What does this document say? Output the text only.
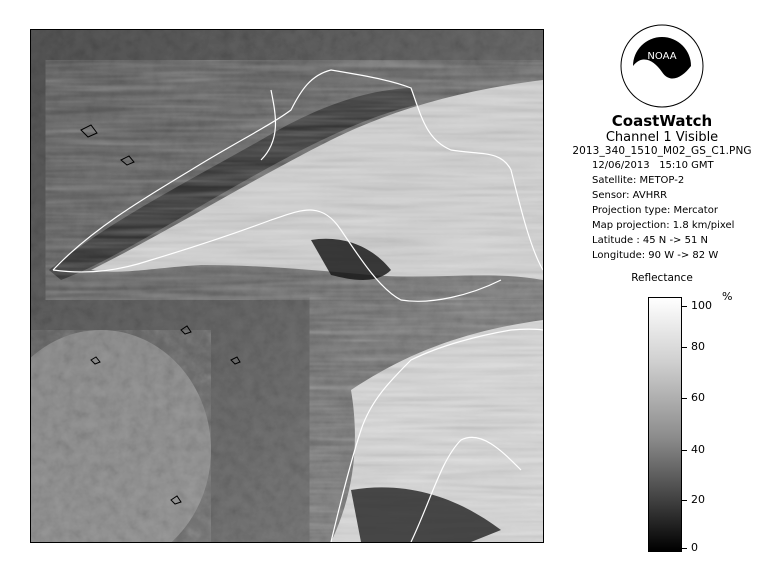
NOAA
CoastWatch
Channel 1 Visible
2013_340_1510_M02_GS_C1.PNG
12/06/2013 15:10 GMT
Satellite: METOP-2
Sensor: AVHRR
Projection type: Mercator
Map projection: 1.8 km/pixel
Latitude : 45 N -> 51 N
Longitude: 90 W -> 82 W
Reflectance
%
100
80
60
40
20
0
